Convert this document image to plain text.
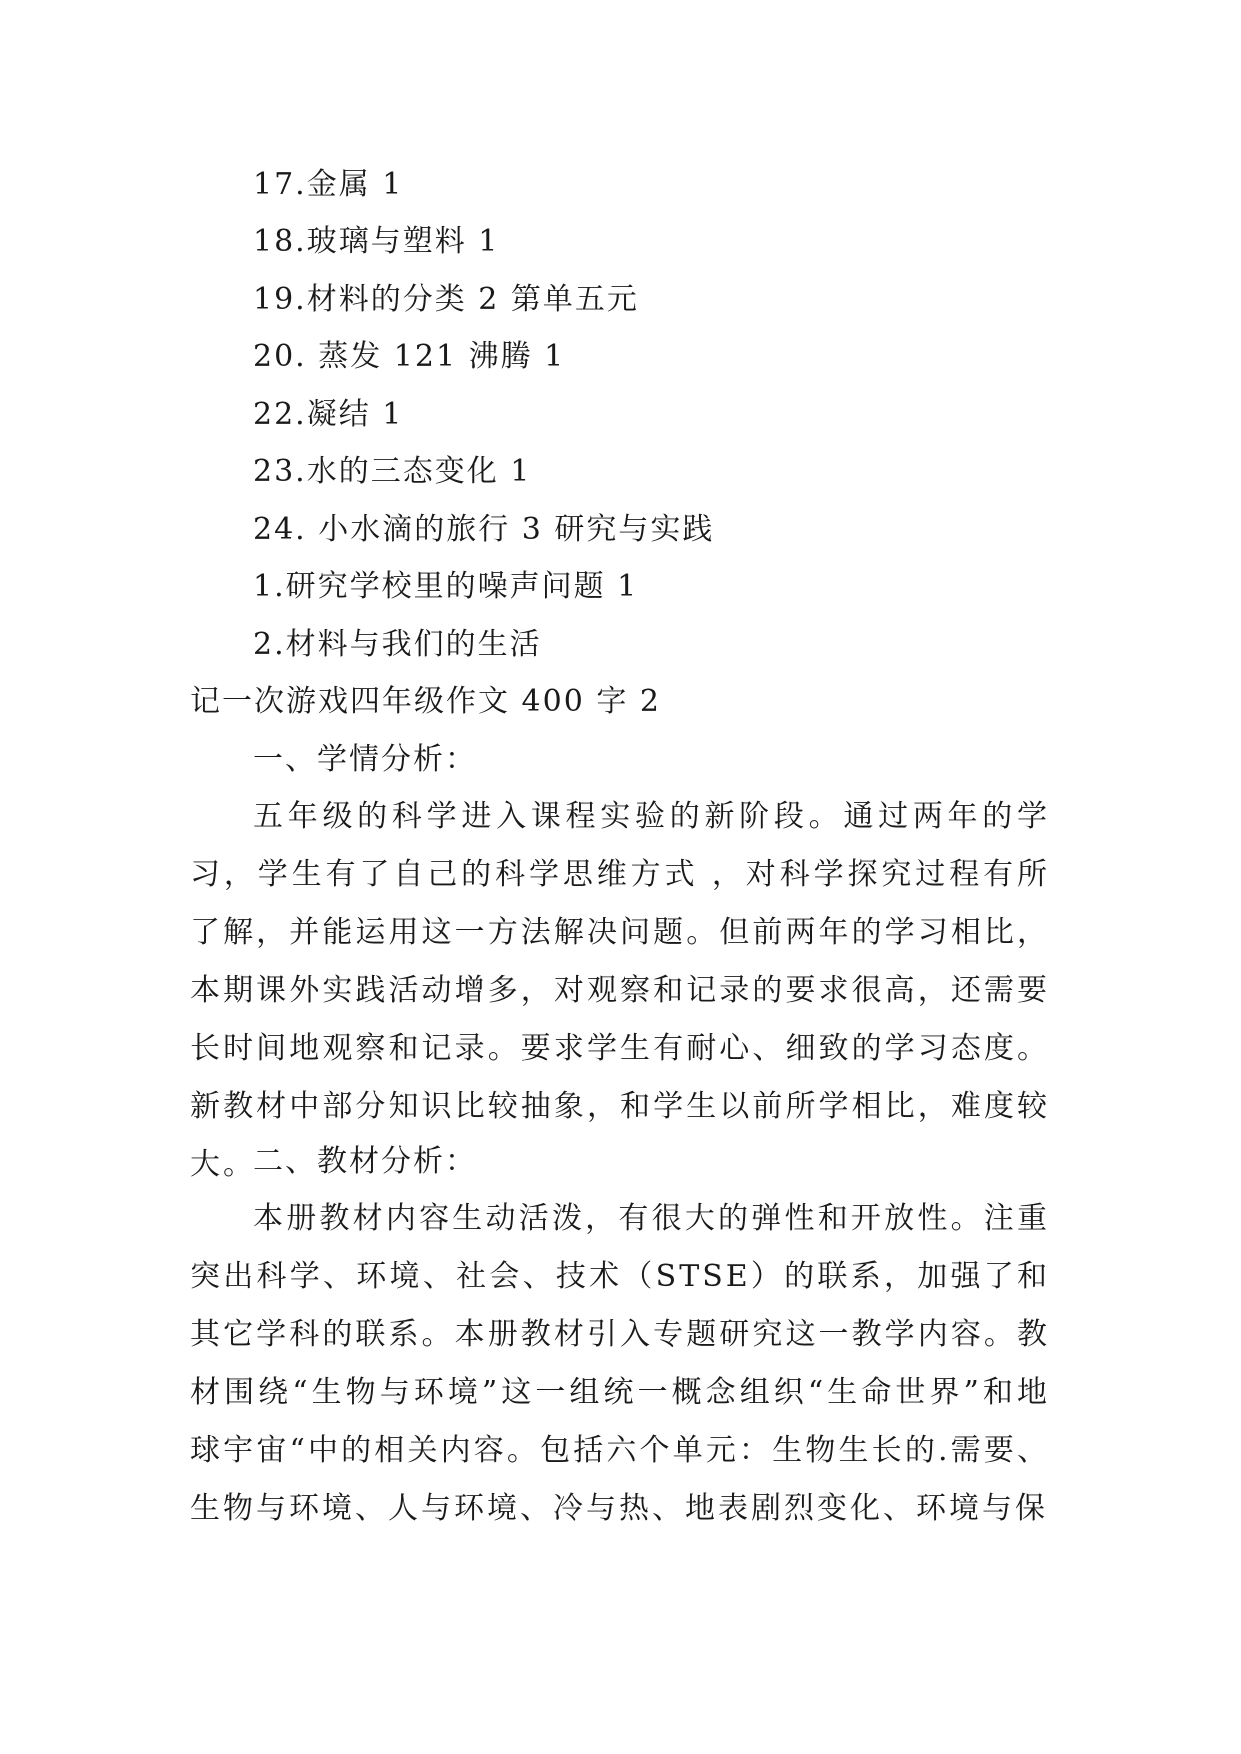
17.金属 1
18.玻璃与塑料 1
19.材料的分类 2 第单五元
20. 蒸发 121 沸腾 1
22.凝结 1
23.水的三态变化 1
24. 小水滴的旅行 3 研究与实践
1.研究学校里的噪声问题 1
2.材料与我们的生活
记一次游戏四年级作文 400 字 2
一、学情分析：
五年级的科学进入课程实验的新阶段。通过两年的学习，学生有了自己的科学思维方式 ，对科学探究过程有所了解，并能运用这一方法解决问题。但前两年的学习相比，本期课外实践活动增多，对观察和记录的要求很高，还需要长时间地观察和记录。要求学生有耐心、细致的学习态度。新教材中部分知识比较抽象，和学生以前所学相比，难度较大。
二、教材分析：
本册教材内容生动活泼，有很大的弹性和开放性。注重突出科学、环境、社会、技术（STSE）的联系，加强了和其它学科的联系。本册教材引入专题研究这一教学内容。教材围绕“生物与环境”这一组统一概念组织“生命世界”和地球宇宙“中的相关内容。包括六个单元：生物生长的.需要、生物与环境、人与环境、冷与热、地表剧烈变化、环境与保
